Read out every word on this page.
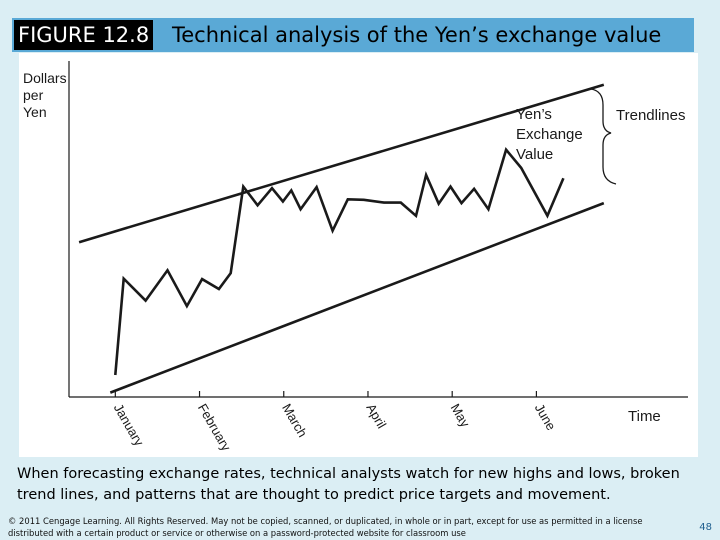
FIGURE 12.8 Technical analysis of the Yen’s exchange value
Dollars
per
Yen
January	February	March	April	May	June	Time
Yen’s
Exchange
Value
Trendlines
When forecasting exchange rates, technical analysts watch for new highs and lows, broken trend lines, and patterns that are thought to predict price targets and movement.
© 2011 Cengage Learning. All Rights Reserved. May not be copied, scanned, or duplicated, in whole or in part, except for use as permitted in a license distributed with a certain product or service or otherwise on a password-protected website for classroom use	48
